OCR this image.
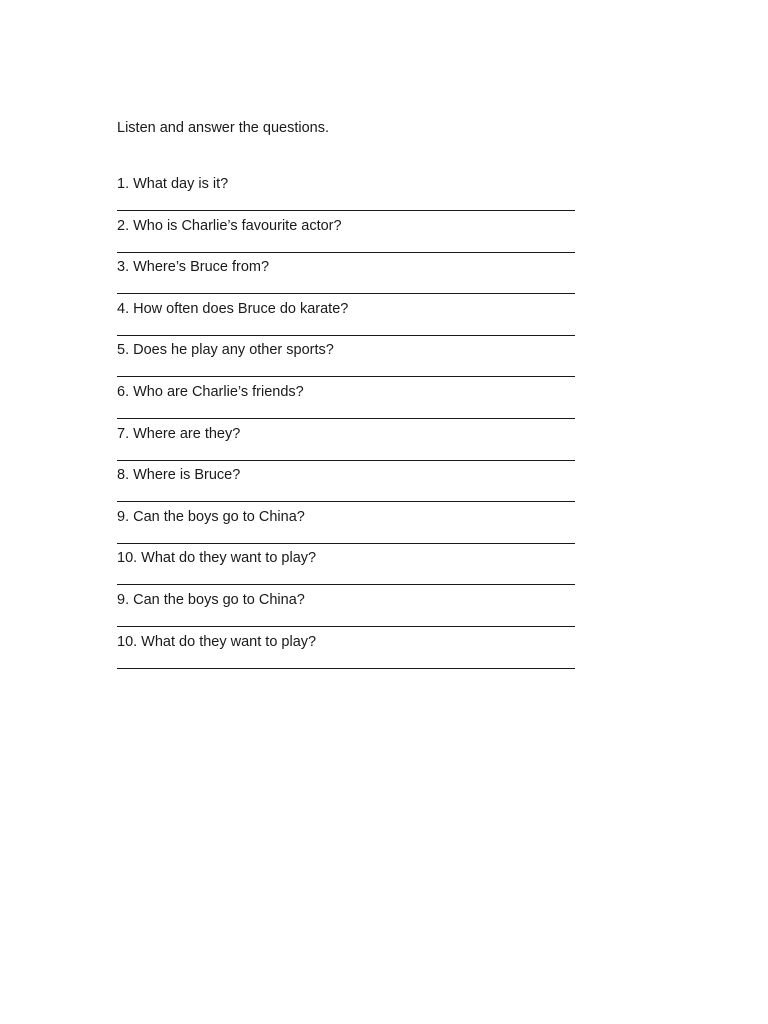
Listen and answer the questions.
1. What day is it?
2. Who is Charlie’s favourite actor?
3. Where’s Bruce from?
4. How often does Bruce do karate?
5. Does he play any other sports?
6. Who are Charlie’s friends?
7. Where are they?
8. Where is Bruce?
9. Can the boys go to China?
10. What do they want to play?
9. Can the boys go to China?
10. What do they want to play?
